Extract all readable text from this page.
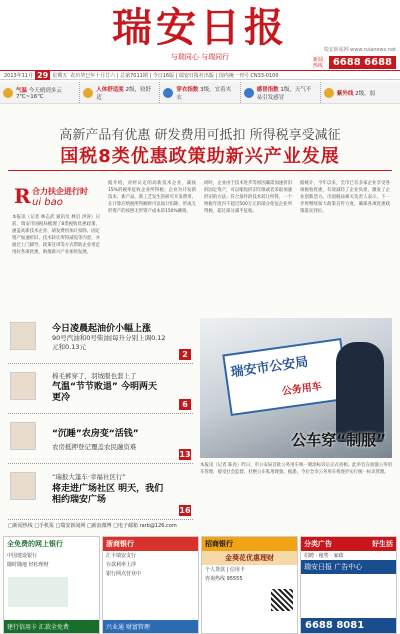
瑞安日报
与瑞同心 与瑞同行
瑞安新闻网 www.ruianews.net
新闻热线 6688 6688
2013年11月 29 星期五 农历癸巳年十月廿六 | 总第7011期 | 今日16版 | 瑞安日报社出版 | 国内统一刊号 CN33-0100
气温 今天晴到多云 7℃~16℃
人体舒适度 2级，较舒适
穿衣指数 3级，宜着夹衣
感冒指数 1级，天气不易引发感冒
紫外线 2级，弱
高新产品有优惠 研发费用可抵扣 所得税享受减征
国税8类优惠政策助新兴产业发展
R 合力扶企进行时
ui bao
本报讯（记者 林志武 通讯员 林启 洪涛）日前，瑞安市国税局梳理了8类税收优惠政策，涵盖高新技术企业、研发费用加计扣除、固定资产加速折旧、技术转让所得减免等内容，并通过上门辅导、政策宣讲等方式帮助企业用足用好各项优惠，助推新兴产业加快发展。
据介绍，对经认定的高新技术企业，减按15%的税率征收企业所得税；企业为开发新技术、新产品、新工艺发生的研究开发费用，在计算应纳税所得额时可以加计扣除，形成无形资产的按照无形资产成本的150%摊销。
同时，企业由于技术进步等原因确需加速折旧的固定资产，可以缩短折旧年限或者采取加速折旧的方法；符合条件的技术转让所得，一个纳税年度内不超过500万元的部分免征企业所得税，超过部分减半征收。
据统计，今年以来，全市已有多家企业享受各项税收优惠，有效减轻了企业负担，激发了企业创新活力。市国税局相关负责人表示，下一步将继续加大政策宣传力度，确保各项优惠政策落实到位。
今日凌晨起油价小幅上涨
90号汽油和0号柴油|每升分别上调0.12元和0.13元
2
棉毛裤穿了，羽绒服也套上了
气温“节节败退” 今明两天更冷
6
“沉睡”农房变“活钱”
农房抵押登记覆盖农民融资难
13
“瑞报大篷车·幸福社区行”
将走进广场社区 明天，我们相约瑞安广场
16
□新闻热线 □手机报 □瑞安新闻网 □新浪微博 □电子邮箱 rarb@126.com
瑞安市公安局
公务用车
公车穿“制服”
本报讯（记者 陈亮）昨日，市公安局首批公务用车统一喷涂标识后正式亮相。此举旨在加强公务用车管理，接受社会监督，杜绝公车私用现象。据悉，今后全市公务用车将逐步实行统一标识管理。
全免费的网上银行
中国建设银行
随时随地 轻松理财
建行信用卡 汇款全免费
浙商银行
汇丰瑞安支行
存款利率上浮
银行网点营业中
兴业通 财富管理
招商银行
金葵花优惠理财
个人贷款 | 信用卡
咨询热线 95555
分类广告	好生活
招聘 · 租售 · 家政
瑞安日报 广告中心
6688 8081
